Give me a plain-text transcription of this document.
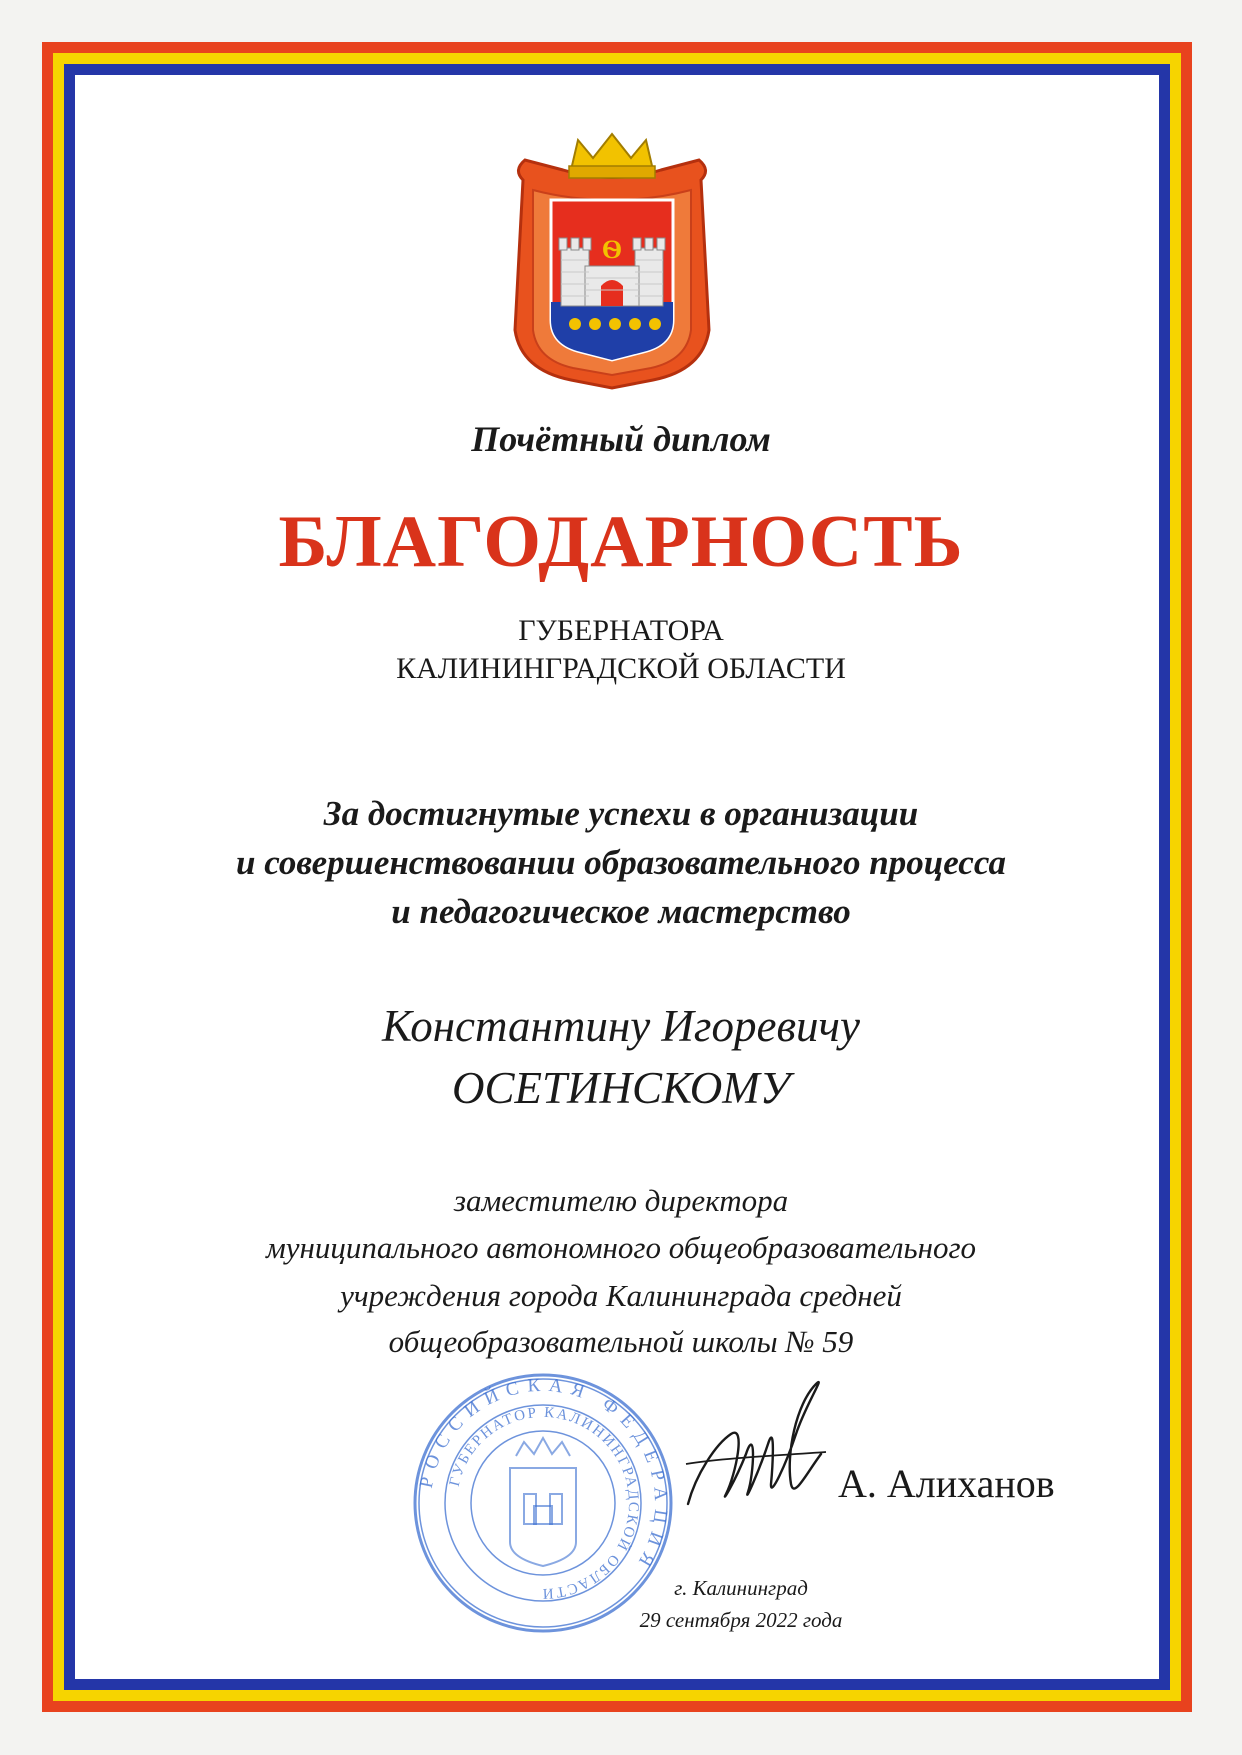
Ѳ
Почётный диплом
БЛАГОДАРНОСТЬ
ГУБЕРНАТОРА
КАЛИНИНГРАДСКОЙ ОБЛАСТИ
За достигнутые успехи в организации
и совершенствовании образовательного процесса
и педагогическое мастерство
Константину Игоревичу
ОСЕТИНСКОМУ
заместителю директора
муниципального автономного общеобразовательного
учреждения города Калининграда средней
общеобразовательной школы № 59
РОССИЙСКАЯ ФЕДЕРАЦИЯ
ГУБЕРНАТОР КАЛИНИНГРАДСКОЙ ОБЛАСТИ
А. Алиханов
г. Калининград
29 сентября 2022 года
